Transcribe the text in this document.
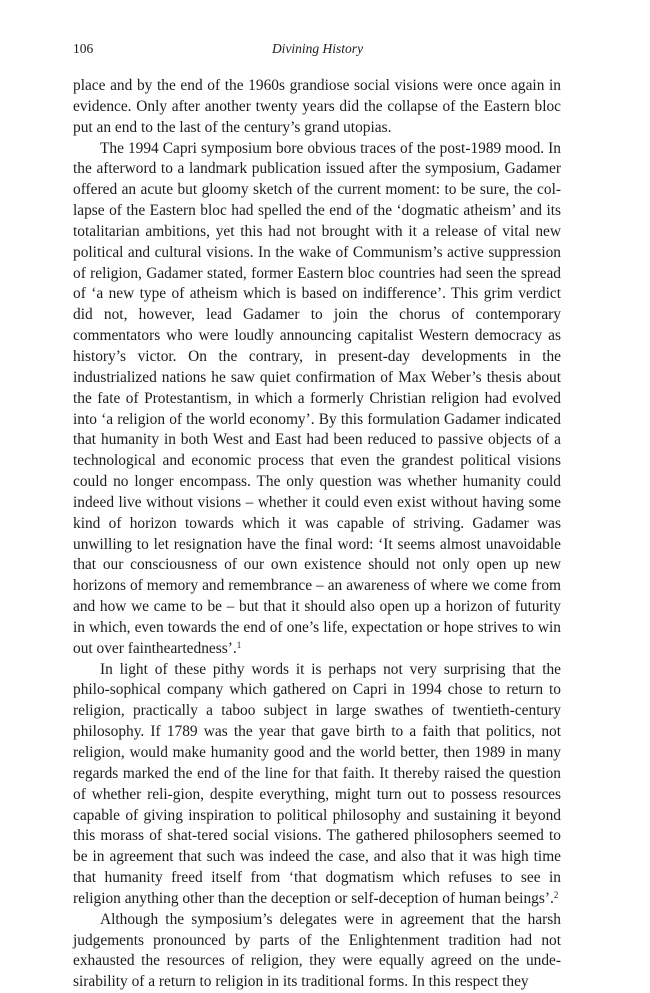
106	Divining History

place and by the end of the 1960s grandiose social visions were once again in evidence. Only after another twenty years did the collapse of the Eastern bloc put an end to the last of the century’s grand utopias.

The 1994 Capri symposium bore obvious traces of the post-1989 mood. In the afterword to a landmark publication issued after the symposium, Gadamer offered an acute but gloomy sketch of the current moment: to be sure, the col-lapse of the Eastern bloc had spelled the end of the ‘dogmatic atheism’ and its totalitarian ambitions, yet this had not brought with it a release of vital new political and cultural visions. In the wake of Communism’s active suppression of religion, Gadamer stated, former Eastern bloc countries had seen the spread of ‘a new type of atheism which is based on indifference’. This grim verdict did not, however, lead Gadamer to join the chorus of contemporary commentators who were loudly announcing capitalist Western democracy as history’s victor. On the contrary, in present-day developments in the industrialized nations he saw quiet confirmation of Max Weber’s thesis about the fate of Protestantism, in which a formerly Christian religion had evolved into ‘a religion of the world economy’. By this formulation Gadamer indicated that humanity in both West and East had been reduced to passive objects of a technological and economic process that even the grandest political visions could no longer encompass. The only question was whether humanity could indeed live without visions – whether it could even exist without having some kind of horizon towards which it was capable of striving. Gadamer was unwilling to let resignation have the final word: ‘It seems almost unavoidable that our consciousness of our own existence should not only open up new horizons of memory and remembrance – an awareness of where we come from and how we came to be – but that it should also open up a horizon of futurity in which, even towards the end of one’s life, expectation or hope strives to win out over faintheartedness’.$^1$

In light of these pithy words it is perhaps not very surprising that the philo-sophical company which gathered on Capri in 1994 chose to return to religion, practically a taboo subject in large swathes of twentieth-century philosophy. If 1789 was the year that gave birth to a faith that politics, not religion, would make humanity good and the world better, then 1989 in many regards marked the end of the line for that faith. It thereby raised the question of whether reli-gion, despite everything, might turn out to possess resources capable of giving inspiration to political philosophy and sustaining it beyond this morass of shat-tered social visions. The gathered philosophers seemed to be in agreement that such was indeed the case, and also that it was high time that humanity freed itself from ‘that dogmatism which refuses to see in religion anything other than the deception or self-deception of human beings’.$^2$

Although the symposium’s delegates were in agreement that the harsh judgements pronounced by parts of the Enlightenment tradition had not exhausted the resources of religion, they were equally agreed on the unde-sirability of a return to religion in its traditional forms. In this respect they
